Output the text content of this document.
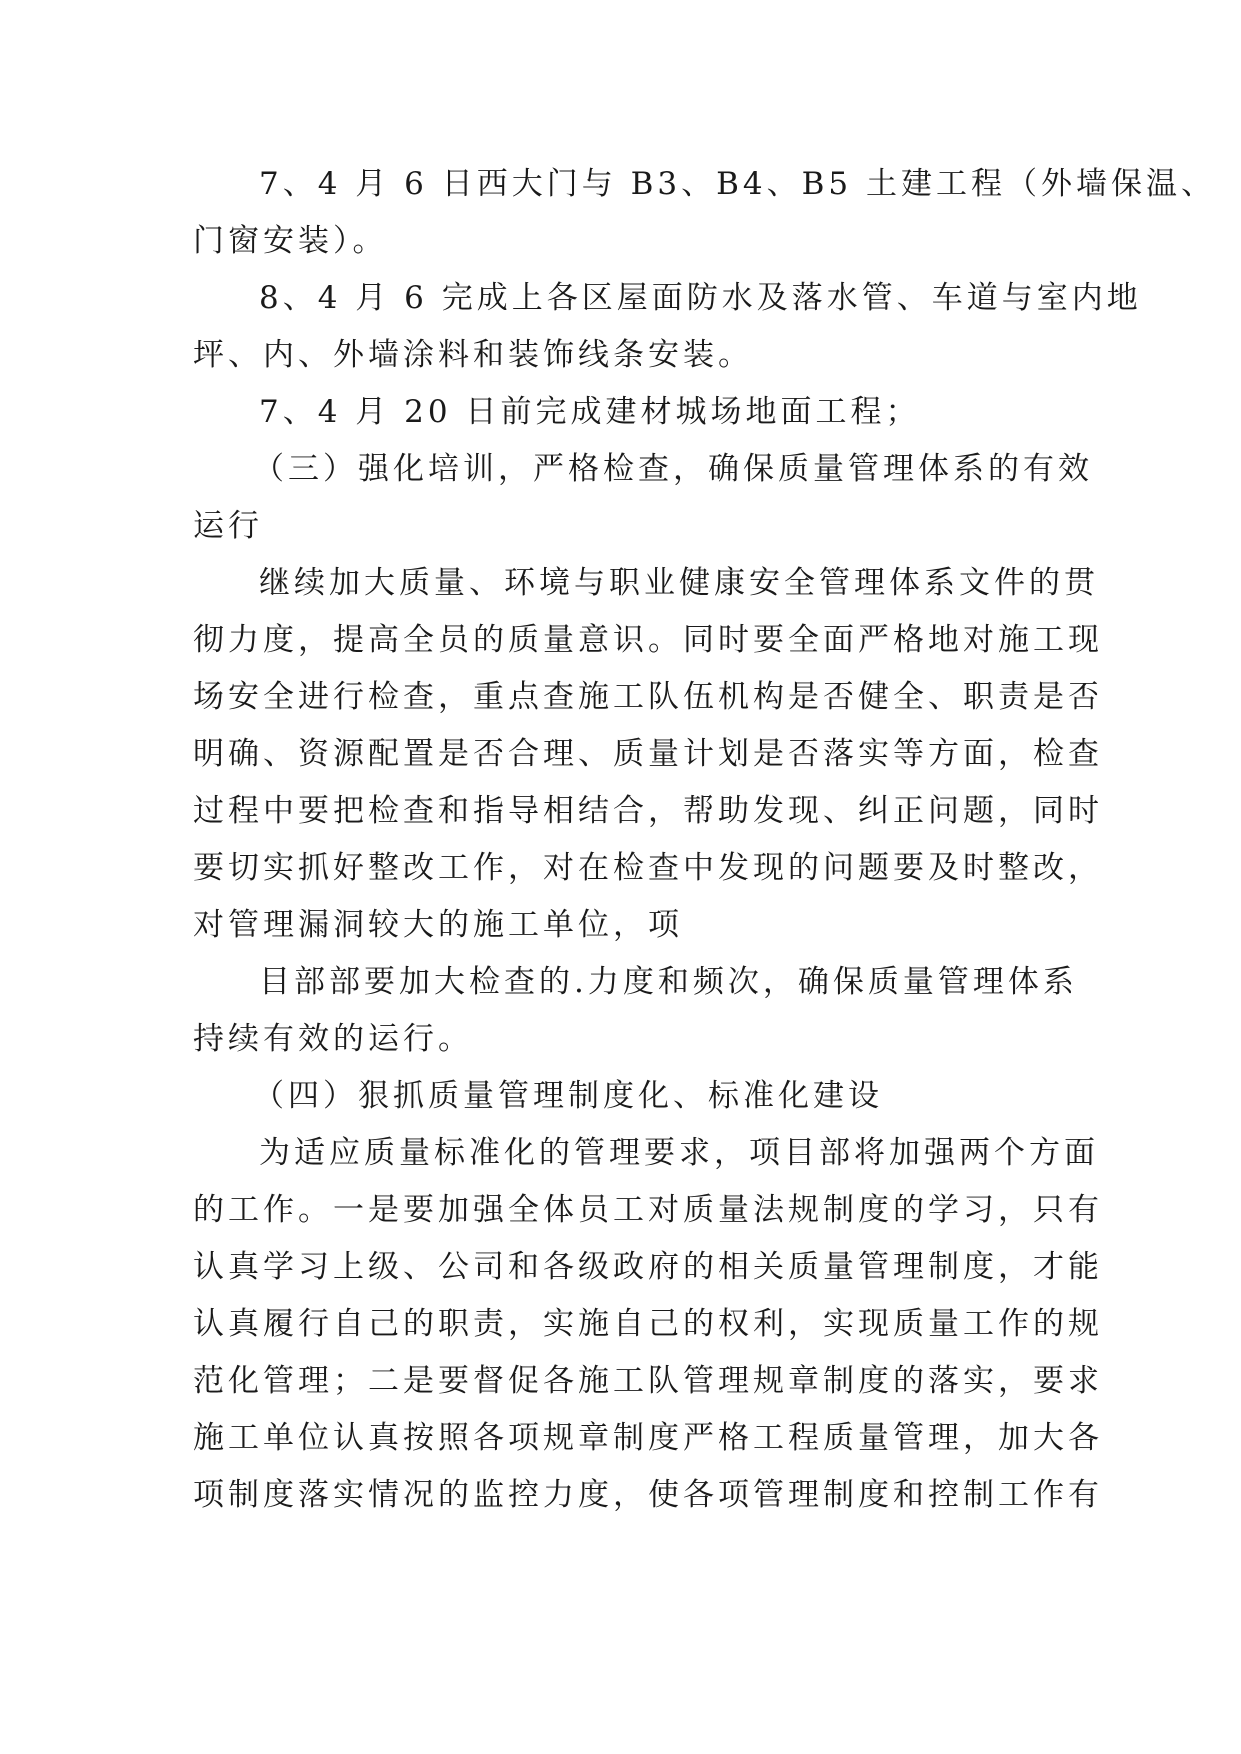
7、4 月 6 日西大门与 B3、B4、B5 土建工程（外墙保温、
门窗安装）。
8、4 月 6 完成上各区屋面防水及落水管、车道与室内地
坪、内、外墙涂料和装饰线条安装。
7、4 月 20 日前完成建材城场地面工程；
（三）强化培训，严格检查，确保质量管理体系的有效
运行
继续加大质量、环境与职业健康安全管理体系文件的贯
彻力度，提高全员的质量意识。同时要全面严格地对施工现
场安全进行检查，重点查施工队伍机构是否健全、职责是否
明确、资源配置是否合理、质量计划是否落实等方面，检查
过程中要把检查和指导相结合，帮助发现、纠正问题，同时
要切实抓好整改工作，对在检查中发现的问题要及时整改，
对管理漏洞较大的施工单位，项
目部部要加大检查的.力度和频次，确保质量管理体系
持续有效的运行。
（四）狠抓质量管理制度化、标准化建设
为适应质量标准化的管理要求，项目部将加强两个方面
的工作。一是要加强全体员工对质量法规制度的学习，只有
认真学习上级、公司和各级政府的相关质量管理制度，才能
认真履行自己的职责，实施自己的权利，实现质量工作的规
范化管理；二是要督促各施工队管理规章制度的落实，要求
施工单位认真按照各项规章制度严格工程质量管理，加大各
项制度落实情况的监控力度，使各项管理制度和控制工作有
